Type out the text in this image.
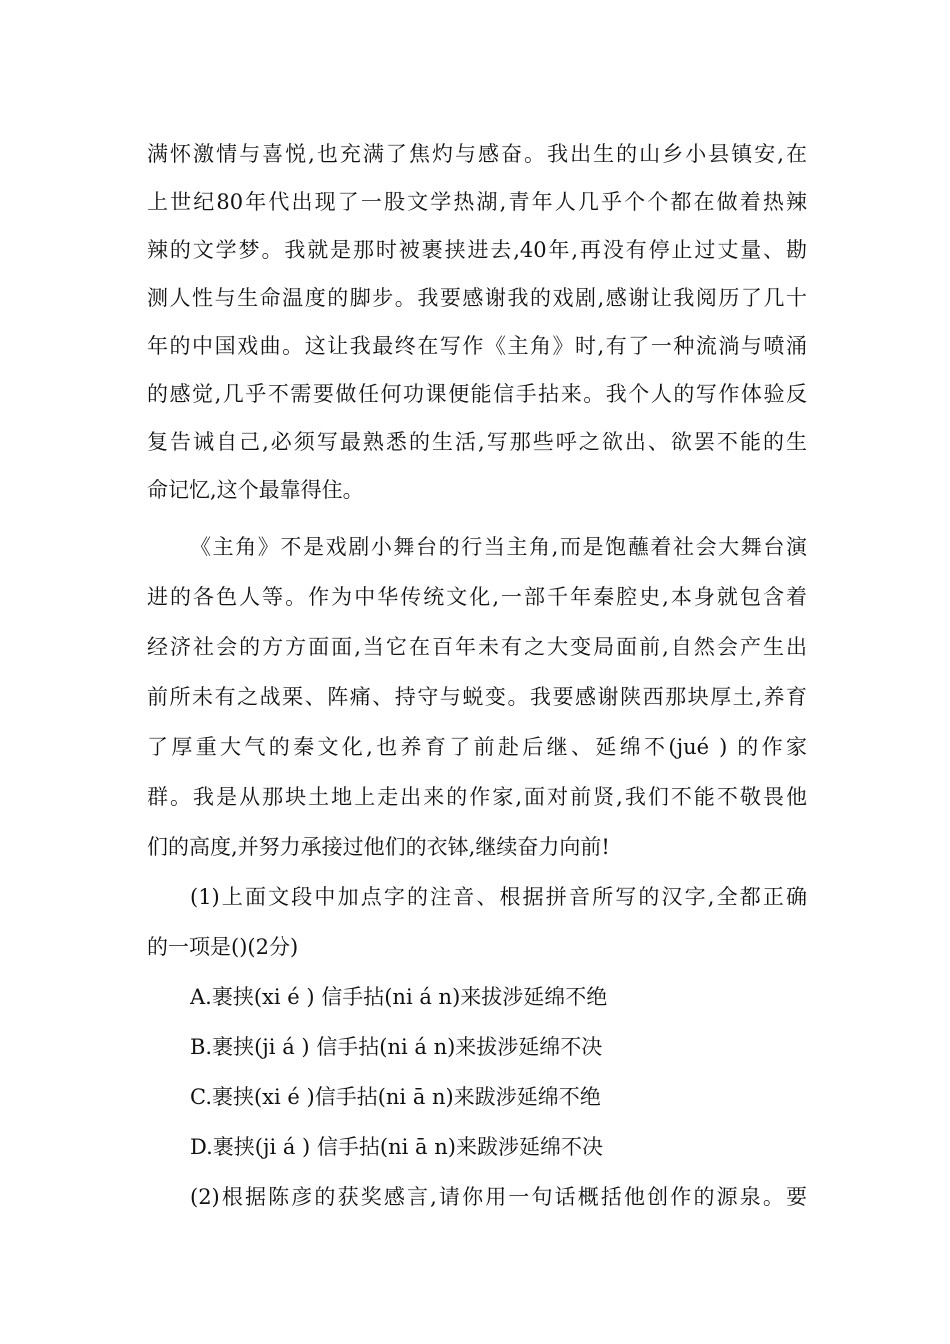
满怀激情与喜悦,也充满了焦灼与感奋。我出生的山乡小县镇安,在
上世纪80年代出现了一股文学热湖,青年人几乎个个都在做着热辣
辣的文学梦。我就是那时被裹挟进去,40年,再没有停止过丈量、勘
测人性与生命温度的脚步。我要感谢我的戏剧,感谢让我阅历了几十
年的中国戏曲。这让我最终在写作《主角》时,有了一种流淌与喷涌
的感觉,几乎不需要做任何功课便能信手拈来。我个人的写作体验反
复告诫自己,必须写最熟悉的生活,写那些呼之欲出、欲罢不能的生
命记忆,这个最靠得住。
《主角》不是戏剧小舞台的行当主角,而是饱蘸着社会大舞台演
进的各色人等。作为中华传统文化,一部千年秦腔史,本身就包含着
经济社会的方方面面,当它在百年未有之大变局面前,自然会产生出
前所未有之战栗、阵痛、持守与蜕变。我要感谢陕西那块厚土,养育
了厚重大气的秦文化,也养育了前赴后继、延绵不(jué ) 的作家
群。我是从那块土地上走出来的作家,面对前贤,我们不能不敬畏他
们的高度,并努力承接过他们的衣钵,继续奋力向前!
(1)上面文段中加点字的注音、根据拼音所写的汉字,全都正确
的一项是()(2分)
A.裹挟(xi é ) 信手拈(ni á n)来拔涉延绵不绝
B.裹挟(ji á ) 信手拈(ni á n)来拔涉延绵不决
C.裹挟(xi é )信手拈(ni ā n)来跋涉延绵不绝
D.裹挟(ji á ) 信手拈(ni ā n)来跋涉延绵不决
(2)根据陈彦的获奖感言,请你用一句话概括他创作的源泉。要
